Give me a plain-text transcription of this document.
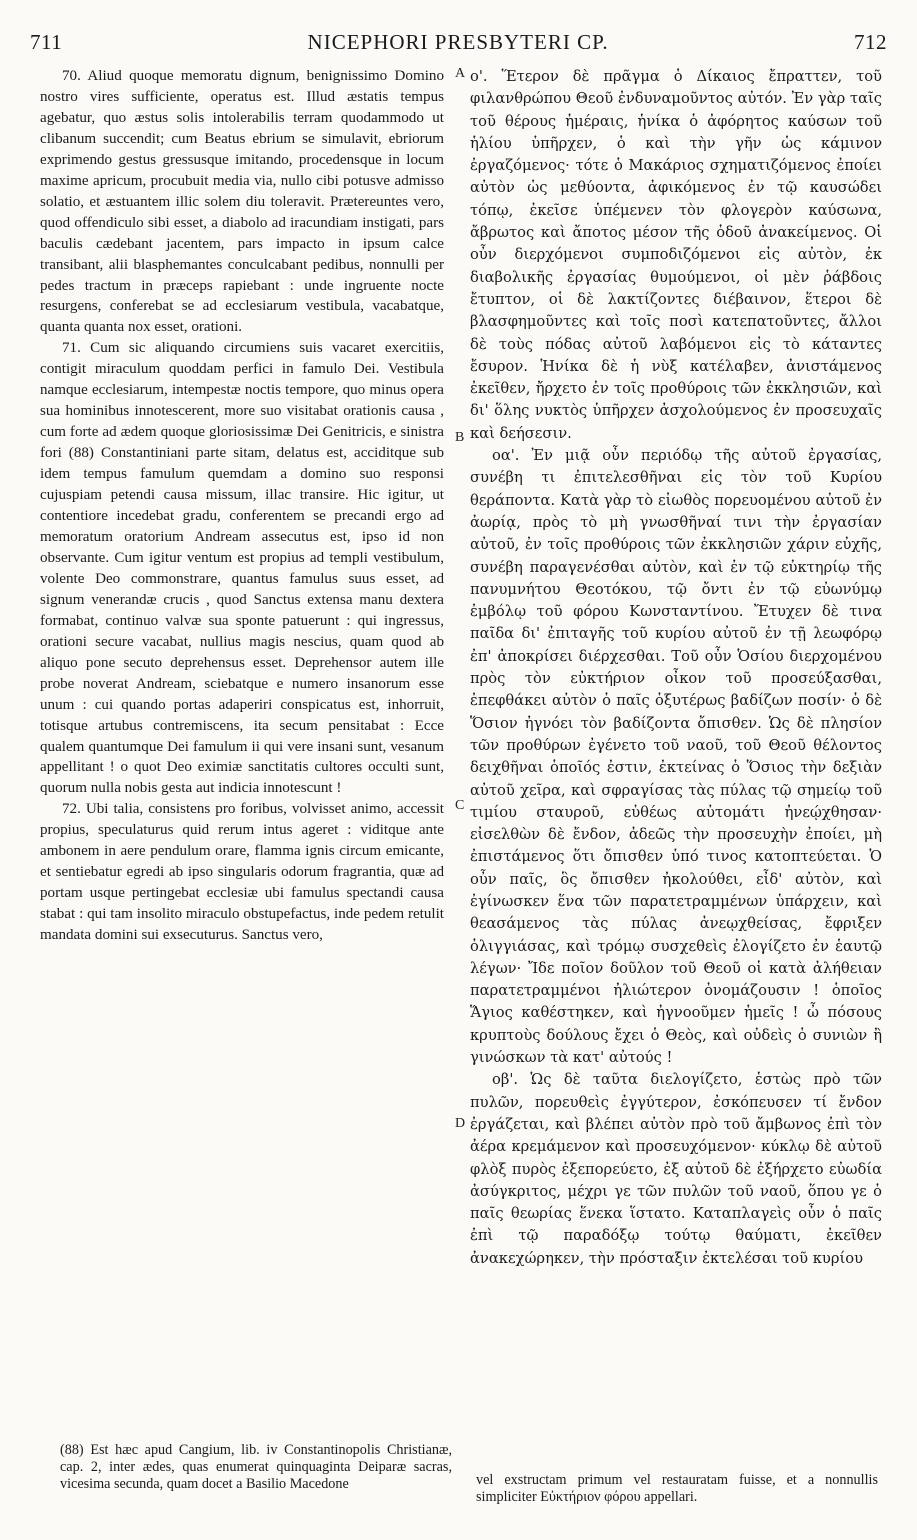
711	NICEPHORI PRESBYTERI CP.	712

70. Aliud quoque memoratu dignum, benignissimo Domino nostro vires sufficiente, operatus est. Illud æstatis tempus agebatur, quo æstus solis intolerabilis terram quodammodo ut clibanum succendit; cum Beatus ebrium se simulavit, ebriorum exprimendo gestus gressusque imitando, procedensque in locum maxime apricum, procubuit media via, nullo cibi potusve admisso solatio, et æstuantem illic solem diu toleravit. Prætereuntes vero, quod offendiculo sibi esset, a diabolo ad iracundiam instigati, pars baculis cædebant jacentem, pars impacto in ipsum calce transibant, alii blasphemantes conculcabant pedibus, nonnulli per pedes tractum in præceps rapiebant : unde ingruente nocte resurgens, conferebat se ad ecclesiarum vestibula, vacabatque, quanta quanta nox esset, orationi.

71. Cum sic aliquando circumiens suis vacaret exercitiis, contigit miraculum quoddam perfici in famulo Dei. Vestibula namque ecclesiarum, intempestæ noctis tempore, quo minus opera sua hominibus innotescerent, more suo visitabat orationis causa , cum forte ad ædem quoque gloriosissimæ Dei Genitricis, e sinistra fori (88) Constantiniani parte sitam, delatus est, acciditque sub idem tempus famulum quemdam a domino suo responsi cujuspiam petendi causa missum, illac transire. Hic igitur, ut contentiore incedebat gradu, conferentem se precandi ergo ad memoratum oratorium Andream assecutus est, ipso id non observante. Cum igitur ventum est propius ad templi vestibulum, volente Deo commonstrare, quantus famulus suus esset, ad signum venerandæ crucis , quod Sanctus extensa manu dextera formabat, continuo valvæ sua sponte patuerunt : qui ingressus, orationi secure vacabat, nullius magis nescius, quam quod ab aliquo pone secuto deprehensus esset. Deprehensor autem ille probe noverat Andream, sciebatque e numero insanorum esse unum : cui quando portas adaperiri conspicatus est, inhorruit, totisque artubus contremiscens, ita secum pensitabat : Ecce qualem quantumque Dei famulum ii qui vere insani sunt, vesanum appellitant ! o quot Deo eximiæ sanctitatis cultores occulti sunt, quorum nulla nobis gesta aut indicia innotescunt !

72. Ubi talia, consistens pro foribus, volvisset animo, accessit propius, speculaturus quid rerum intus ageret : viditque ante ambonem in aere pendulum orare, flamma ignis circum emicante, et sentiebatur egredi ab ipso singularis odorum fragrantia, quæ ad portam usque pertingebat ecclesiæ ubi famulus spectandi causa stabat : qui tam insolito miraculo obstupefactus, inde pedem retulit mandata domini sui exsecuturus. Sanctus vero,

A
B
C
D

ο'. Ἕτερον δὲ πρᾶγμα ὁ Δίκαιος ἔπραττεν, τοῦ φιλανθρώπου Θεοῦ ἐνδυναμοῦντος αὐτόν. Ἐν γὰρ ταῖς τοῦ θέρους ἡμέραις, ἡνίκα ὁ ἀφόρητος καύσων τοῦ ἡλίου ὑπῆρχεν, ὁ καὶ τὴν γῆν ὡς κάμινον ἐργαζόμενος· τότε ὁ Μακάριος σχηματιζόμενος ἐποίει αὐτὸν ὡς μεθύοντα, ἀφικόμενος ἐν τῷ καυσώδει τόπῳ, ἐκεῖσε ὑπέμενεν τὸν φλογερὸν καύσωνα, ἄβρωτος καὶ ἄποτος μέσον τῆς ὁδοῦ ἀνακείμενος. Οἱ οὖν διερχόμενοι συμποδιζόμενοι εἰς αὐτὸν, ἐκ διαβολικῆς ἐργασίας θυμούμενοι, οἱ μὲν ῥάβδοις ἔτυπτον, οἱ δὲ λακτίζοντες διέβαινον, ἕτεροι δὲ βλασφημοῦντες καὶ τοῖς ποσὶ κατεπατοῦντες, ἄλλοι δὲ τοὺς πόδας αὐτοῦ λαβόμενοι εἰς τὸ κάταντες ἔσυρον. Ἡνίκα δὲ ἡ νὺξ κατέλαβεν, ἀνιστάμενος ἐκεῖθεν, ἤρχετο ἐν τοῖς προθύροις τῶν ἐκκλησιῶν, καὶ δι' ὅλης νυκτὸς ὑπῆρχεν ἀσχολούμενος ἐν προσευχαῖς καὶ δεήσεσιν.

οα'. Ἐν μιᾷ οὖν περιόδῳ τῆς αὐτοῦ ἐργασίας, συνέβη τι ἐπιτελεσθῆναι εἰς τὸν τοῦ Κυρίου θεράποντα. Κατὰ γὰρ τὸ εἰωθὸς πορευομένου αὐτοῦ ἐν ἀωρίᾳ, πρὸς τὸ μὴ γνωσθῆναί τινι τὴν ἐργασίαν αὐτοῦ, ἐν τοῖς προθύροις τῶν ἐκκλησιῶν χάριν εὐχῆς, συνέβη παραγενέσθαι αὐτὸν, καὶ ἐν τῷ εὐκτηρίῳ τῆς πανυμνήτου Θεοτόκου, τῷ ὄντι ἐν τῷ εὐωνύμῳ ἐμβόλῳ τοῦ φόρου Κωνσταντίνου. Ἔτυχεν δὲ τινα παῖδα δι' ἐπιταγῆς τοῦ κυρίου αὐτοῦ ἐν τῇ λεωφόρῳ ἐπ' ἀποκρίσει διέρχεσθαι. Τοῦ οὖν Ὁσίου διερχομένου πρὸς τὸν εὐκτήριον οἶκον τοῦ προσεύξασθαι, ἐπεφθάκει αὐτὸν ὁ παῖς ὀξυτέρως βαδίζων ποσίν· ὁ δὲ Ὅσιον ἠγνόει τὸν βαδίζοντα ὄπισθεν. Ὡς δὲ πλησίον τῶν προθύρων ἐγένετο τοῦ ναοῦ, τοῦ Θεοῦ θέλοντος δειχθῆναι ὁποῖός ἐστιν, ἐκτείνας ὁ Ὅσιος τὴν δεξιὰν αὐτοῦ χεῖρα, καὶ σφραγίσας τὰς πύλας τῷ σημείῳ τοῦ τιμίου σταυροῦ, εὐθέως αὐτομάτι ἠνεῴχθησαν· εἰσελθὼν δὲ ἔνδον, ἀδεῶς τὴν προσευχὴν ἐποίει, μὴ ἐπιστάμενος ὅτι ὄπισθεν ὑπό τινος κατοπτεύεται. Ὁ οὖν παῖς, ὃς ὄπισθεν ἠκολούθει, εἶδ' αὐτὸν, καὶ ἐγίνωσκεν ἕνα τῶν παρατετραμμένων ὑπάρχειν, καὶ θεασάμενος τὰς πύλας ἀνεῳχθείσας, ἔφριξεν ὀλιγγιάσας, καὶ τρόμῳ συσχεθεὶς ἐλογίζετο ἐν ἑαυτῷ λέγων· Ἴδε ποῖον δοῦλον τοῦ Θεοῦ οἱ κατὰ ἀλήθειαν παρατετραμμένοι ἠλιώτερον ὀνομάζουσιν ! ὁποῖος Ἅγιος καθέστηκεν, καὶ ἠγνοοῦμεν ἡμεῖς ! ὦ πόσους κρυπτοὺς δούλους ἔχει ὁ Θεὸς, καὶ οὐδεὶς ὁ συνιὼν ἢ γινώσκων τὰ κατ' αὐτούς !

οβ'. Ὡς δὲ ταῦτα διελογίζετο, ἑστὼς πρὸ τῶν πυλῶν, πορευθεὶς ἐγγύτερον, ἐσκόπευσεν τί ἔνδον ἐργάζεται, καὶ βλέπει αὐτὸν πρὸ τοῦ ἄμβωνος ἐπὶ τὸν ἀέρα κρεμάμενον καὶ προσευχόμενον· κύκλῳ δὲ αὐτοῦ φλὸξ πυρὸς ἐξεπορεύετο, ἐξ αὐτοῦ δὲ ἐξήρχετο εὐωδία ἀσύγκριτος, μέχρι γε τῶν πυλῶν τοῦ ναοῦ, ὅπου γε ὁ παῖς θεωρίας ἕνεκα ἵστατο. Καταπλαγεὶς οὖν ὁ παῖς ἐπὶ τῷ παραδόξῳ τούτῳ θαύματι, ἐκεῖθεν ἀνακεχώρηκεν, τὴν πρόσταξιν ἐκτελέσαι τοῦ κυρίου

(88) Est hæc apud Cangium, lib. iv Constantinopolis Christianæ, cap. 2, inter ædes, quas enumerat quinquaginta Deiparæ sacras, vicesima secunda, quam docet a Basilio Macedone	vel exstructam primum vel restauratam fuisse, et a nonnullis simpliciter Εὐκτήριον φόρου appellari.
